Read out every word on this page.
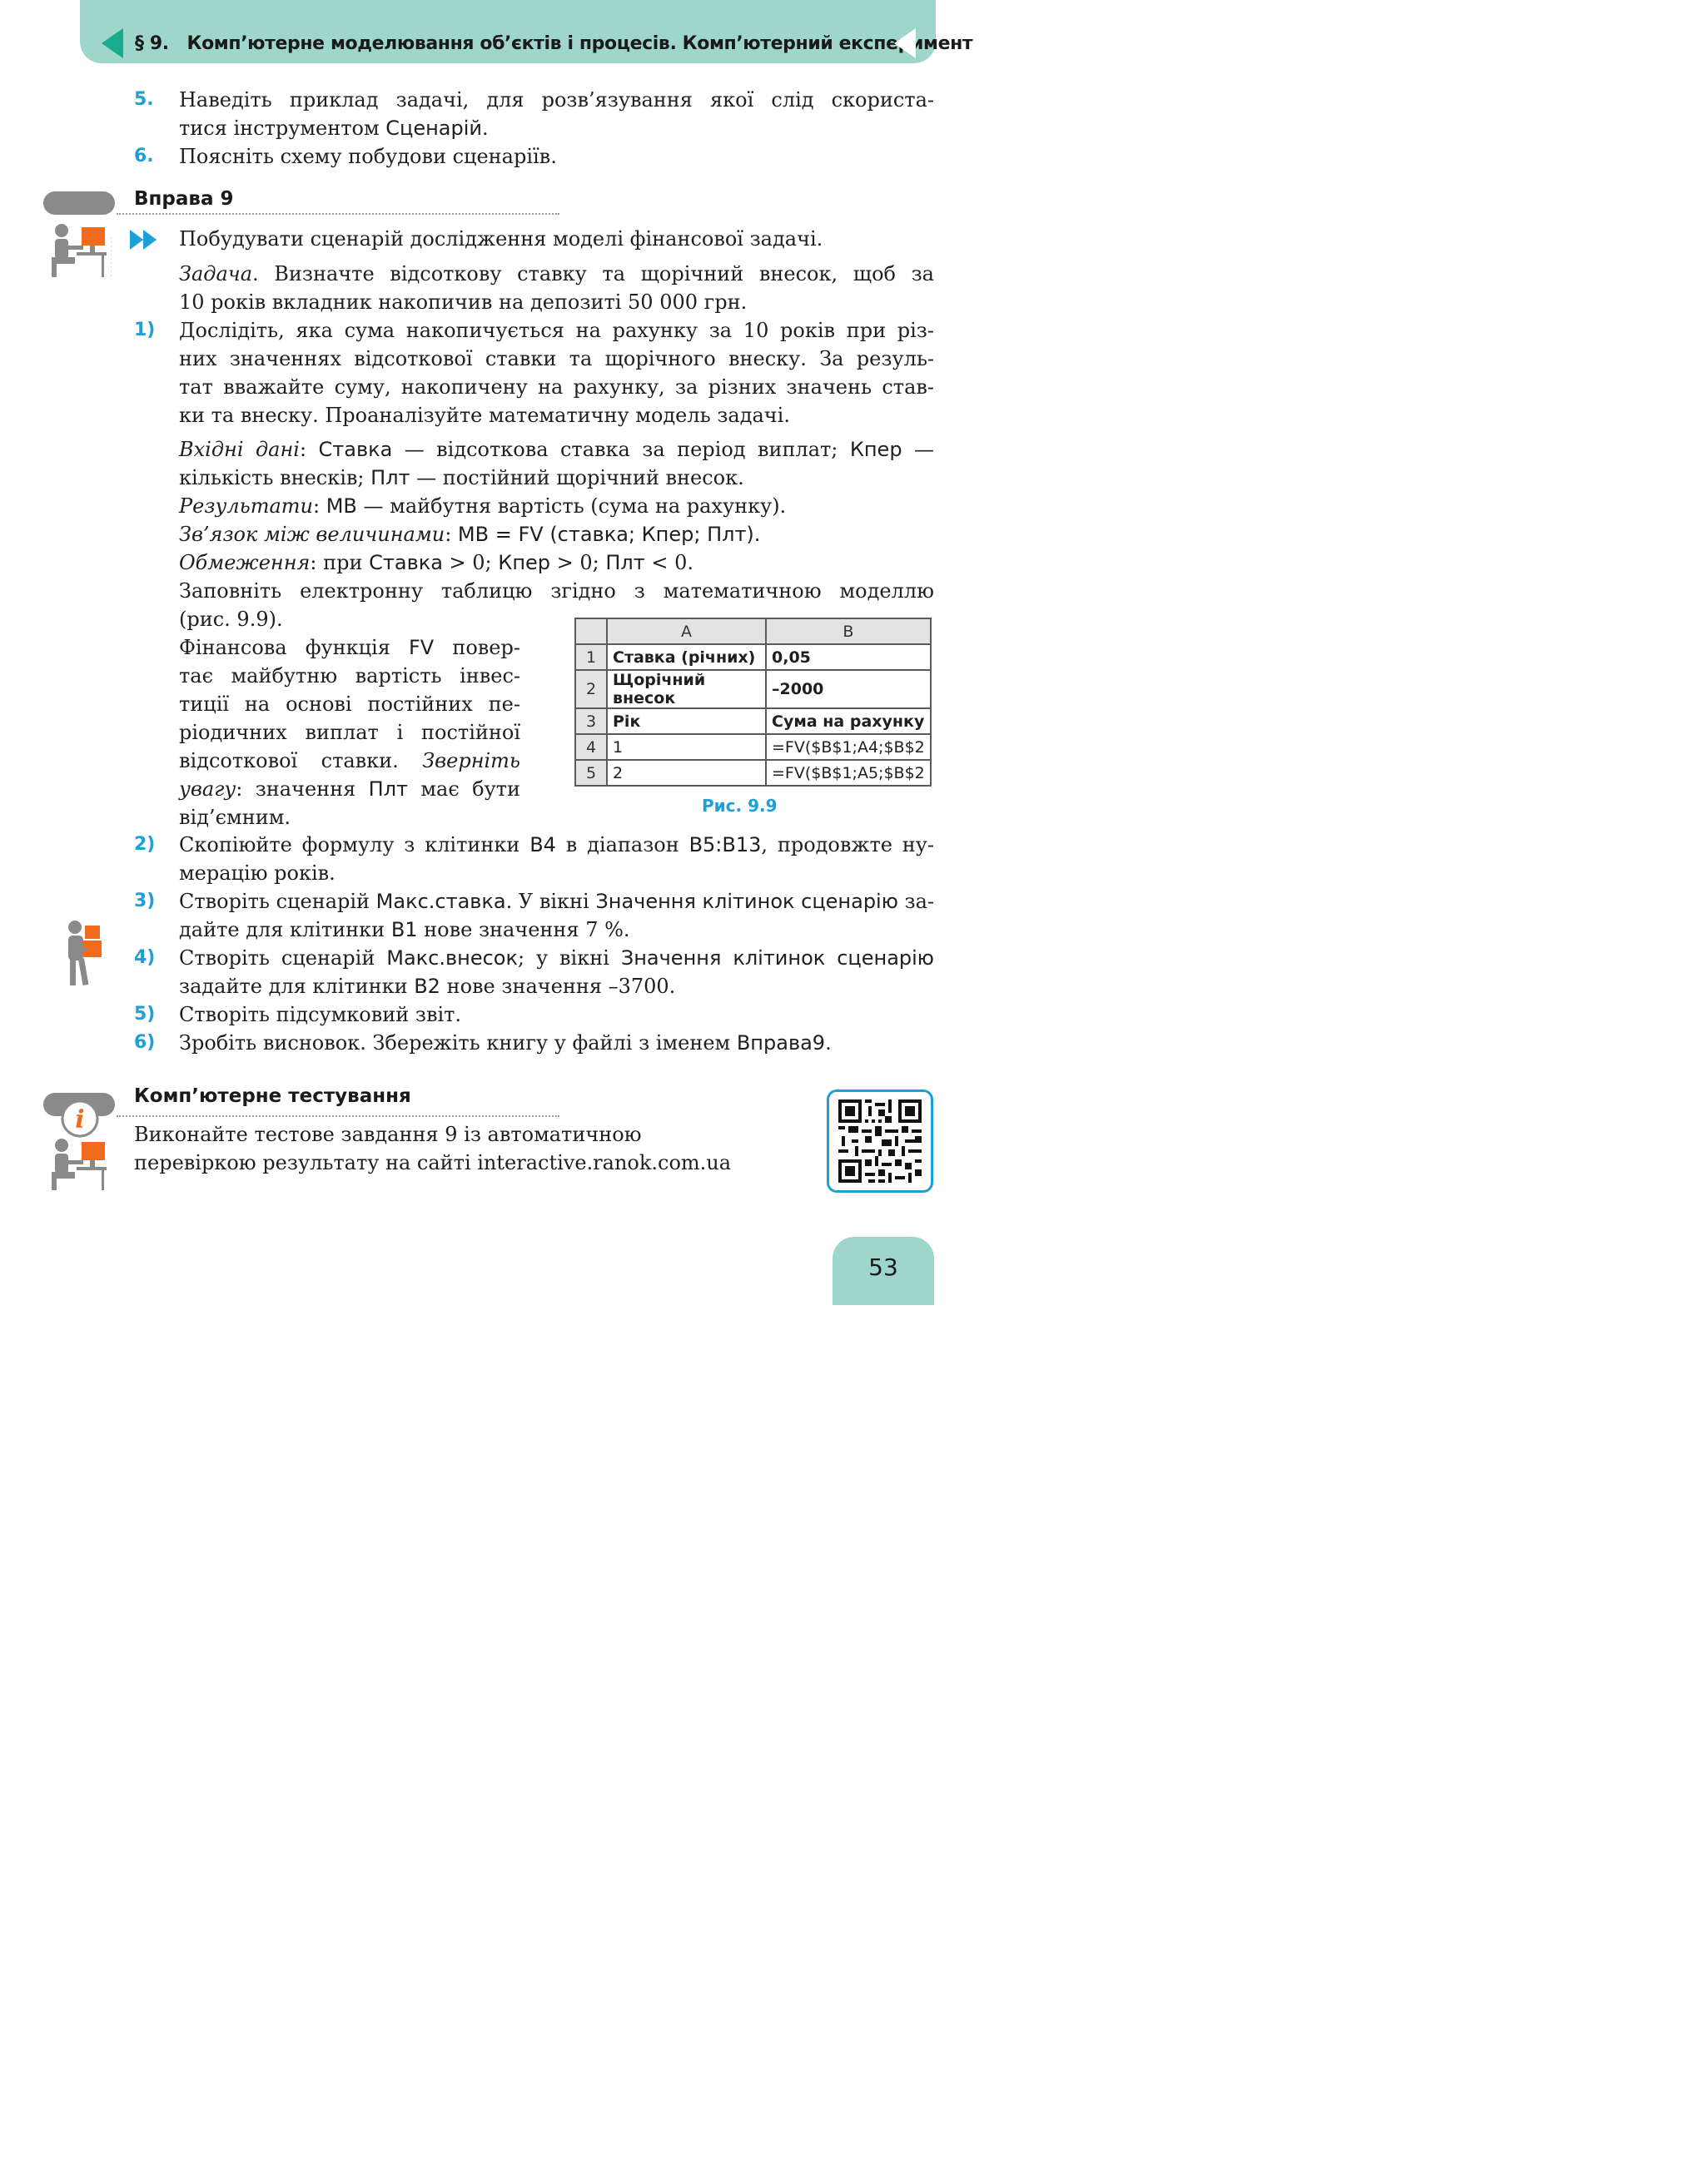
§ 9. Комп’ютерне моделювання об’єктів і процесів. Комп’ютерний експеримент
5. Наведіть приклад задачі, для розв’язування якої слід скориста-
тися інструментом Сценарій.
6. Поясніть схему побудови сценаріїв.
Вправа 9
Побудувати сценарій дослідження моделі фінансової задачі.
Задача. Визначте відсоткову ставку та щорічний внесок, щоб за
10 років вкладник накопичив на депозиті 50 000 грн.
1) Дослідіть, яка сума накопичується на рахунку за 10 років при різ-
них значеннях відсоткової ставки та щорічного внеску. За резуль-
тат вважайте суму, накопичену на рахунку, за різних значень став-
ки та внеску. Проаналізуйте математичну модель задачі.
Вхідні дані: Ставка — відсоткова ставка за період виплат; Кпер —
кількість внесків; Плт — постійний щорічний внесок.
Результати: МВ — майбутня вартість (сума на рахунку).
Зв’язок між величинами: МВ = FV (ставка; Кпер; Плт).
Обмеження: при Ставка > 0; Кпер > 0; Плт < 0.
Заповніть електронну таблицю згідно з математичною моделлю
(рис. 9.9).
Фінансова функція FV повер-
тає майбутню вартість інвес-
тиції на основі постійних пе-
ріодичних виплат і постійної
відсоткової ставки. Зверніть
увагу: значення Плт має бути
від’ємним.
	A	B
1	Ставка (річних)	0,05
2	Щорічний внесок	–2000
3	Рік	Сума на рахунку
4	1	=FV($B$1;A4;$B$2
5	2	=FV($B$1;A5;$B$2
Рис. 9.9
2) Скопіюйте формулу з клітинки B4 в діапазон B5:B13, продовжте ну-
мерацію років.
3) Створіть сценарій Макс.ставка. У вікні Значення клітинок сценарію за-
дайте для клітинки B1 нове значення 7 %.
4) Створіть сценарій Макс.внесок; у вікні Значення клітинок сценарію
задайте для клітинки B2 нове значення –3700.
5) Створіть підсумковий звіт.
6) Зробіть висновок. Збережіть книгу у файлі з іменем Вправа9.
Комп’ютерне тестування
i Виконайте тестове завдання 9 із автоматичною
перевіркою результату на сайті interactive.ranok.com.ua
53
